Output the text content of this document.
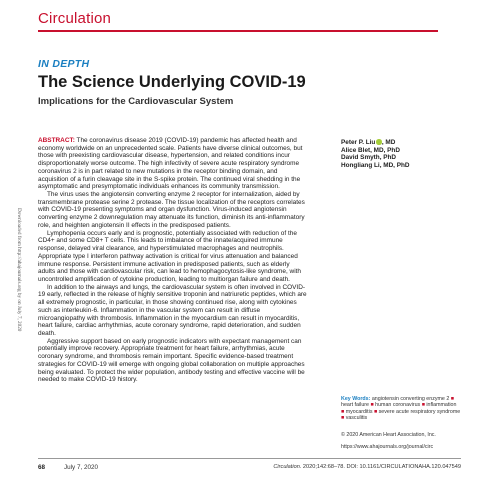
Circulation
IN DEPTH
The Science Underlying COVID-19
Implications for the Cardiovascular System
Downloaded from http://ahajournals.org by on July 7, 2020

ABSTRACT: The coronavirus disease 2019 (COVID-19) pandemic has affected health and economy worldwide on an unprecedented scale. Patients have diverse clinical outcomes, but those with preexisting cardiovascular disease, hypertension, and related conditions incur disproportionately worse outcome. The high infectivity of severe acute respiratory syndrome coronavirus 2 is in part related to new mutations in the receptor binding domain, and acquisition of a furin cleavage site in the S-spike protein. The continued viral shedding in the asymptomatic and presymptomatic individuals enhances its community transmission.

The virus uses the angiotensin converting enzyme 2 receptor for internalization, aided by transmembrane protease serine 2 protease. The tissue localization of the receptors correlates with COVID-19 presenting symptoms and organ dysfunction. Virus-induced angiotensin converting enzyme 2 downregulation may attenuate its function, diminish its anti-inflammatory role, and heighten angiotensin II effects in the predisposed patients.

Lymphopenia occurs early and is prognostic, potentially associated with reduction of the CD4+ and some CD8+ T cells. This leads to imbalance of the innate/acquired immune response, delayed viral clearance, and hyperstimulated macrophages and neutrophils. Appropriate type I interferon pathway activation is critical for virus attenuation and balanced immune response. Persistent immune activation in predisposed patients, such as elderly adults and those with cardiovascular risk, can lead to hemophagocytosis-like syndrome, with uncontrolled amplification of cytokine production, leading to multiorgan failure and death.

In addition to the airways and lungs, the cardiovascular system is often involved in COVID-19 early, reflected in the release of highly sensitive troponin and natriuretic peptides, which are all extremely prognostic, in particular, in those showing continued rise, along with cytokines such as interleukin-6. Inflammation in the vascular system can result in diffuse microangiopathy with thrombosis. Inflammation in the myocardium can result in myocarditis, heart failure, cardiac arrhythmias, acute coronary syndrome, rapid deterioration, and sudden death.

Aggressive support based on early prognostic indicators with expectant management can potentially improve recovery. Appropriate treatment for heart failure, arrhythmias, acute coronary syndrome, and thrombosis remain important. Specific evidence-based treatment strategies for COVID-19 will emerge with ongoing global collaboration on multiple approaches being evaluated. To protect the wider population, antibody testing and effective vaccine will be needed to make COVID-19 history.

Peter P. Liu , MD
Alice Blet, MD, PhD
David Smyth, PhD
Hongliang Li, MD, PhD
Key Words: angiotensin converting enzyme 2 ■ heart failure ■ human coronavirus ■ inflammation ■ myocarditis ■ severe acute respiratory syndrome ■ vasculitis
© 2020 American Heart Association, Inc.
https://www.ahajournals.org/journal/circ
68	July 7, 2020	Circulation. 2020;142:68–78. DOI: 10.1161/CIRCULATIONAHA.120.047549
